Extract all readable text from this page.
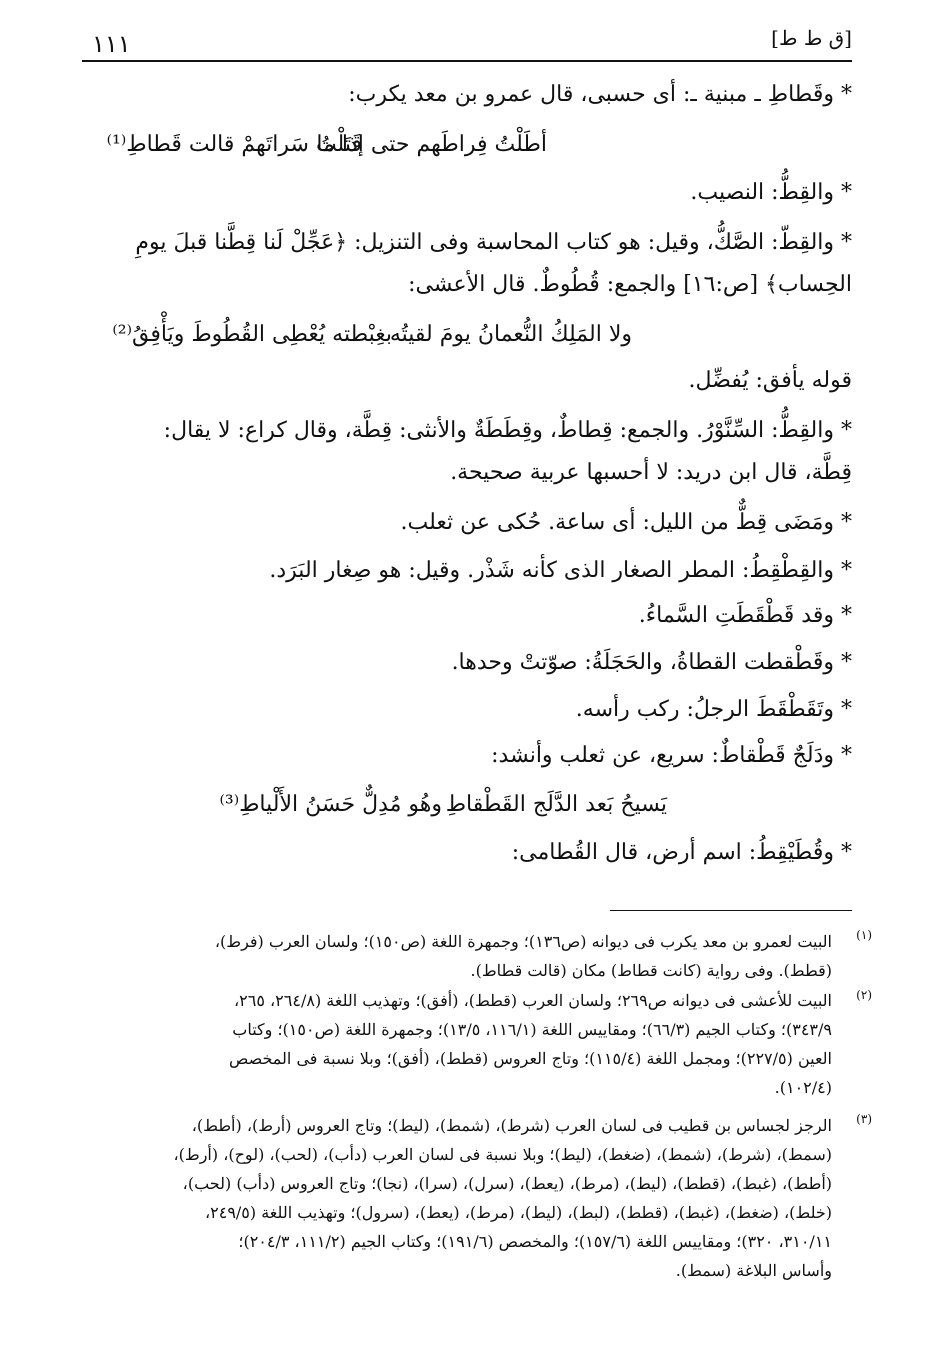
١١١	[ق ط ط]
* وقَطاطِ ـ مبنية ـ: أى حسبى، قال عمرو بن معد يكرب:
أطَلْتُ فِراطَهم حتى إذا ما
قَتَلْتُ سَراتَهمْ قالت قَطاطِ⁽¹⁾
* والقِطُّ: النصيب.
* والقِطّ: الصَّكُّ، وقيل: هو كتاب المحاسبة وفى التنزيل: ﴿عَجِّلْ لَنا قِطَّنا قبلَ يومِ
الحِساب﴾ [ص:١٦] والجمع: قُطُوطٌ. قال الأعشى:
ولا المَلِكُ النُّعمانُ يومَ لقيتُه
بغِبْطته يُعْطِى القُطُوطَ ويَأْفِقُ⁽²⁾
قوله يأفق: يُفضِّل.
* والقِطُّ: السِّنَّوْرُ. والجمع: قِطاطٌ، وقِطَطَةٌ والأنثى: قِطَّة، وقال كراع: لا يقال:
قِطَّة، قال ابن دريد: لا أحسبها عربية صحيحة.
* ومَضَى قِطٌّ من الليل: أى ساعة. حُكى عن ثعلب.
* والقِطْقِطُ: المطر الصغار الذى كأنه شَذْر. وقيل: هو صِغار البَرَد.
* وقد قَطْقَطَتِ السَّماءُ.
* وقَطْقطت القطاةُ، والحَجَلَةُ: صوّتتْ وحدها.
* وتَقَطْقَطَ الرجلُ: ركب رأسه.
* ودَلَجٌ قَطْقاطٌ: سريع، عن ثعلب وأنشد:
يَسيحُ بَعد الدَّلَج القَطْقاطِ
وهُو مُدِلٌّ حَسَنُ الأَلْياطِ⁽³⁾
* وقُطَيْقِطُ: اسم أرض، قال القُطامى:
(١)
البيت لعمرو بن معد يكرب فى ديوانه (ص١٣٦)؛ وجمهرة اللغة (ص١٥٠)؛ ولسان العرب (فرط)،
(قطط). وفى رواية (كانت قطاط) مكان (قالت قطاط).
(٢)
البيت للأعشى فى ديوانه ص٢٦٩؛ ولسان العرب (قطط)، (أفق)؛ وتهذيب اللغة (٢٦٤/٨، ٢٦٥،
٣٤٣/٩)؛ وكتاب الجيم (٦٦/٣)؛ ومقاييس اللغة (١١٦/١، ١٣/٥)؛ وجمهرة اللغة (ص١٥٠)؛ وكتاب
العين (٢٢٧/٥)؛ ومجمل اللغة (١١٥/٤)؛ وتاج العروس (قطط)، (أفق)؛ وبلا نسبة فى المخصص
(١٠٢/٤).
(٣)
الرجز لجساس بن قطيب فى لسان العرب (شرط)، (شمط)، (ليط)؛ وتاج العروس (أرط)، (أطط)،
(سمط)، (شرط)، (شمط)، (ضغط)، (ليط)؛ وبلا نسبة فى لسان العرب (دأب)، (لحب)، (لوح)، (أرط)،
(أطط)، (غبط)، (قطط)، (ليط)، (مرط)، (يعط)، (سرل)، (سرا)، (نجا)؛ وتاج العروس (دأب) (لحب)،
(خلط)، (ضغط)، (غبط)، (قطط)، (لبط)، (ليط)، (مرط)، (يعط)، (سرول)؛ وتهذيب اللغة (٢٤٩/٥،
٣١٠/١١، ٣٢٠)؛ ومقاييس اللغة (١٥٧/٦)؛ والمخصص (١٩١/٦)؛ وكتاب الجيم (١١١/٢، ٢٠٤/٣)؛
وأساس البلاغة (سمط).
